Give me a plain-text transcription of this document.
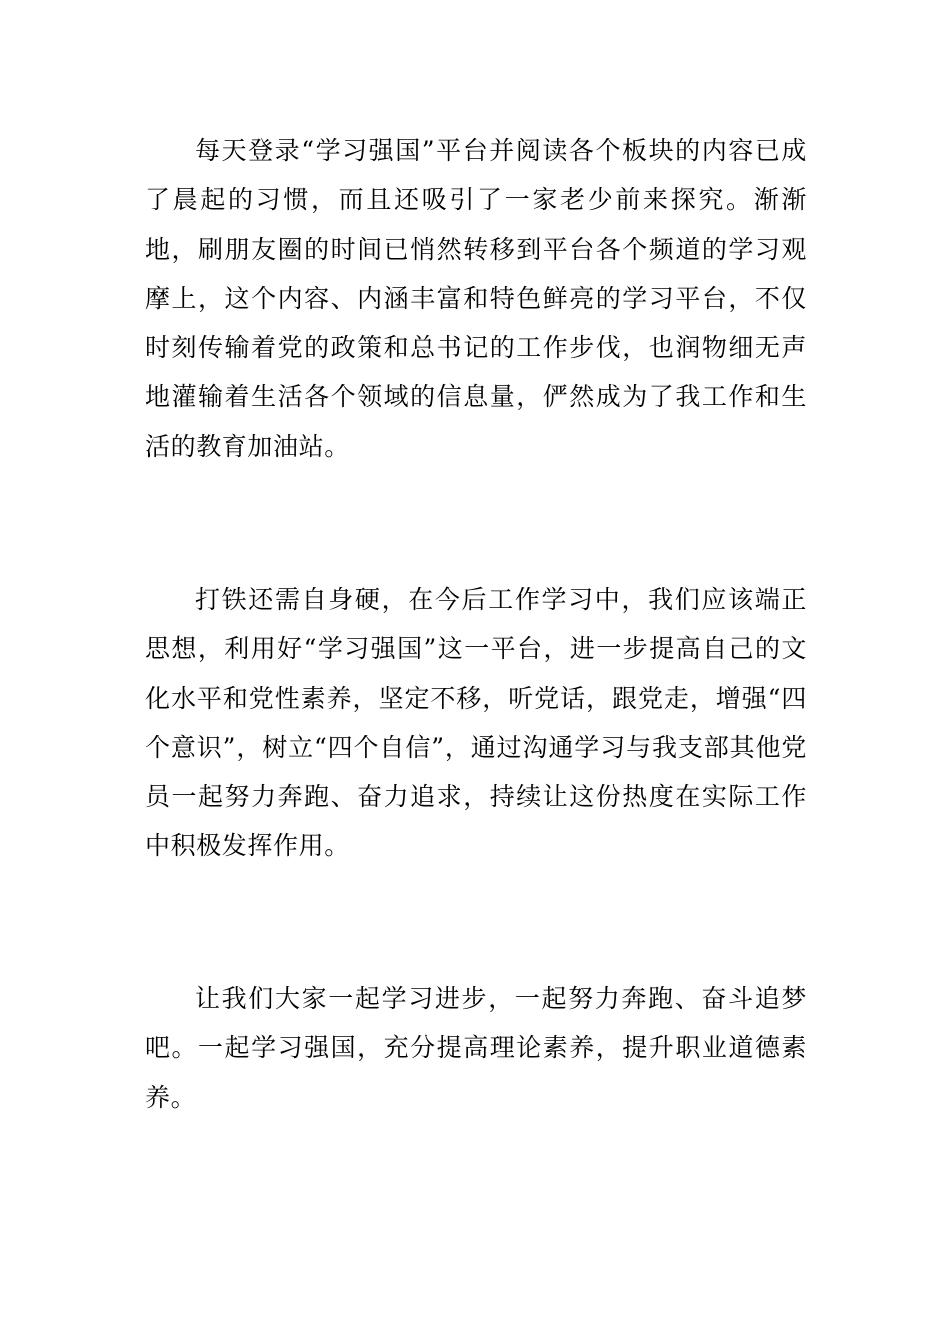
每天登录“学习强国”平台并阅读各个板块的内容已成了晨起的习惯，而且还吸引了一家老少前来探究。渐渐地，刷朋友圈的时间已悄然转移到平台各个频道的学习观摩上，这个内容、内涵丰富和特色鲜亮的学习平台，不仅时刻传输着党的政策和总书记的工作步伐，也润物细无声地灌输着生活各个领域的信息量，俨然成为了我工作和生活的教育加油站。

打铁还需自身硬，在今后工作学习中，我们应该端正思想，利用好“学习强国”这一平台，进一步提高自己的文化水平和党性素养，坚定不移，听党话，跟党走，增强“四个意识”，树立“四个自信”，通过沟通学习与我支部其他党员一起努力奔跑、奋力追求，持续让这份热度在实际工作中积极发挥作用。

让我们大家一起学习进步，一起努力奔跑、奋斗追梦吧。一起学习强国，充分提高理论素养，提升职业道德素养。
